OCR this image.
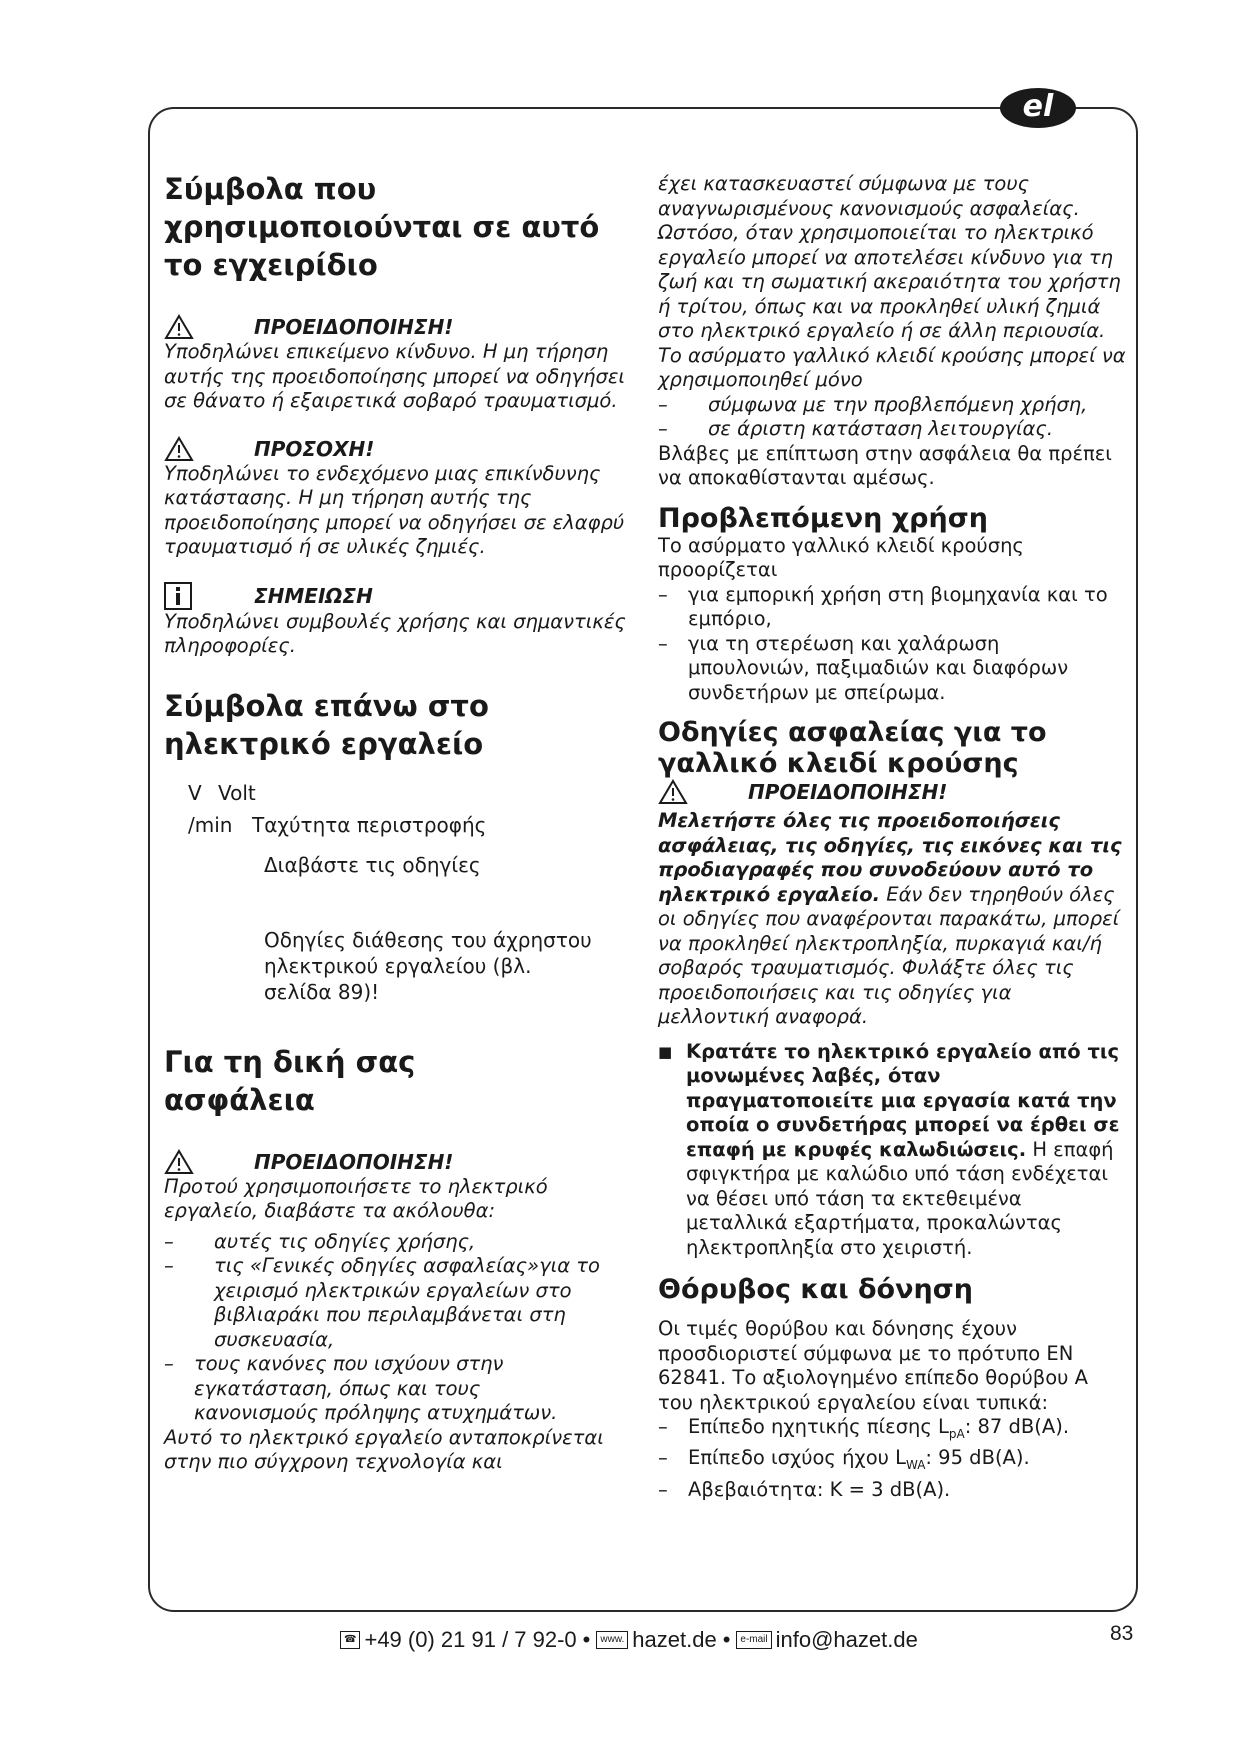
el
Σύμβολα που χρησιμοποιούνται σε αυτό το εγχειρίδιο
ΠΡΟΕΙΔΟΠΟΙΗΣΗ!
Υποδηλώνει επικείμενο κίνδυνο. Η μη τήρηση αυτής της προειδοποίησης μπορεί να οδηγήσει σε θάνατο ή εξαιρετικά σοβαρό τραυματισμό.
ΠΡΟΣΟΧΗ!
Υποδηλώνει το ενδεχόμενο μιας επικίνδυνης κατάστασης. Η μη τήρηση αυτής της προειδοποίησης μπορεί να οδηγήσει σε ελαφρύ τραυματισμό ή σε υλικές ζημιές.
ΣΗΜΕΙΩΣΗ
Υποδηλώνει συμβουλές χρήσης και σημαντικές πληροφορίες.
Σύμβολα επάνω στο ηλεκτρικό εργαλείο
V Volt
/min Ταχύτητα περιστροφής
Διαβάστε τις οδηγίες
Οδηγίες διάθεσης του άχρηστου ηλεκτρικού εργαλείου (βλ. σελίδα 89)!
Για τη δική σας ασφάλεια
ΠΡΟΕΙΔΟΠΟΙΗΣΗ!
Προτού χρησιμοποιήσετε το ηλεκτρικό εργαλείο, διαβάστε τα ακόλουθα:
–	αυτές τις οδηγίες χρήσης,
–	τις «Γενικές οδηγίες ασφαλείας»για το χειρισμό ηλεκτρικών εργαλείων στο βιβλιαράκι που περιλαμβάνεται στη συσκευασία,
–	τους κανόνες που ισχύουν στην εγκατάσταση, όπως και τους κανονισμούς πρόληψης ατυχημάτων.
Αυτό το ηλεκτρικό εργαλείο ανταποκρίνεται στην πιο σύγχρονη τεχνολογία και
έχει κατασκευαστεί σύμφωνα με τους αναγνωρισμένους κανονισμούς ασφαλείας. Ωστόσο, όταν χρησιμοποιείται το ηλεκτρικό εργαλείο μπορεί να αποτελέσει κίνδυνο για τη ζωή και τη σωματική ακεραιότητα του χρήστη ή τρίτου, όπως και να προκληθεί υλική ζημιά στο ηλεκτρικό εργαλείο ή σε άλλη περιουσία.
Το ασύρματο γαλλικό κλειδί κρούσης μπορεί να χρησιμοποιηθεί μόνο
–	σύμφωνα με την προβλεπόμενη χρήση,
–	σε άριστη κατάσταση λειτουργίας.
Βλάβες με επίπτωση στην ασφάλεια θα πρέπει να αποκαθίστανται αμέσως.
Προβλεπόμενη χρήση
Το ασύρματο γαλλικό κλειδί κρούσης προορίζεται
–	για εμπορική χρήση στη βιομηχανία και το εμπόριο,
–	για τη στερέωση και χαλάρωση μπουλονιών, παξιμαδιών και διαφόρων συνδετήρων με σπείρωμα.
Οδηγίες ασφαλείας για το γαλλικό κλειδί κρούσης
ΠΡΟΕΙΔΟΠΟΙΗΣΗ!
Μελετήστε όλες τις προειδοποιήσεις ασφάλειας, τις οδηγίες, τις εικόνες και τις προδιαγραφές που συνοδεύουν αυτό το ηλεκτρικό εργαλείο. Εάν δεν τηρηθούν όλες οι οδηγίες που αναφέρονται παρακάτω, μπορεί να προκληθεί ηλεκτροπληξία, πυρκαγιά και/ή σοβαρός τραυματισμός. Φυλάξτε όλες τις προειδοποιήσεις και τις οδηγίες για μελλοντική αναφορά.
■ Κρατάτε το ηλεκτρικό εργαλείο από τις μονωμένες λαβές, όταν πραγματοποιείτε μια εργασία κατά την οποία ο συνδετήρας μπορεί να έρθει σε επαφή με κρυφές καλωδιώσεις. Η επαφή σφιγκτήρα με καλώδιο υπό τάση ενδέχεται να θέσει υπό τάση τα εκτεθειμένα μεταλλικά εξαρτήματα, προκαλώντας ηλεκτροπληξία στο χειριστή.
Θόρυβος και δόνηση
Οι τιμές θορύβου και δόνησης έχουν προσδιοριστεί σύμφωνα με το πρότυπο EN 62841. Το αξιολογημένο επίπεδο θορύβου A του ηλεκτρικού εργαλείου είναι τυπικά:
–	Επίπεδο ηχητικής πίεσης $L_{pA}$: 87 dB(A).
–	Επίπεδο ισχύος ήχου $L_{WA}$: 95 dB(A).
–	Αβεβαιότητα: K = 3 dB(A).
☎ +49 (0) 21 91 / 7 92-0 •	www. hazet.de •	e-mail info@hazet.de	83
